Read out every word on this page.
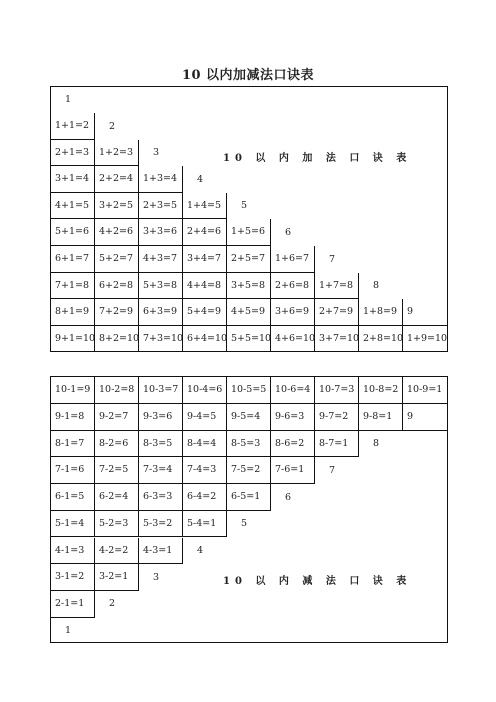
10 以内加减法口诀表
10 以 内 加 法 口 诀 表
1
1+1=2	2
2+1=3	1+2=3	3
3+1=4	2+2=4	1+3=4	4
4+1=5	3+2=5	2+3=5	1+4=5	5
5+1=6	4+2=6	3+3=6	2+4=6	1+5=6	6
6+1=7	5+2=7	4+3=7	3+4=7	2+5=7	1+6=7	7
7+1=8	6+2=8	5+3=8	4+4=8	3+5=8	2+6=8	1+7=8	8
8+1=9	7+2=9	6+3=9	5+4=9	4+5=9	3+6=9	2+7=9	1+8=9	9
9+1=10 8+2=10 7+3=10 6+4=10 5+5=10 4+6=10 3+7=10 2+8=10 1+9=10
10 以 内 减 法 口 诀 表
10-1=9 10-2=8 10-3=7 10-4=6 10-5=5 10-6=4 10-7=3 10-8=2 10-9=1
9-1=8	9-2=7	9-3=6	9-4=5	9-5=4	9-6=3	9-7=2	9-8=1	9
8-1=7	8-2=6	8-3=5	8-4=4	8-5=3	8-6=2	8-7=1	8
7-1=6	7-2=5	7-3=4	7-4=3	7-5=2	7-6=1	7
6-1=5	6-2=4	6-3=3	6-4=2	6-5=1	6
5-1=4	5-2=3	5-3=2	5-4=1	5
4-1=3	4-2=2	4-3=1	4
3-1=2	3-2=1	3
2-1=1	2
1
